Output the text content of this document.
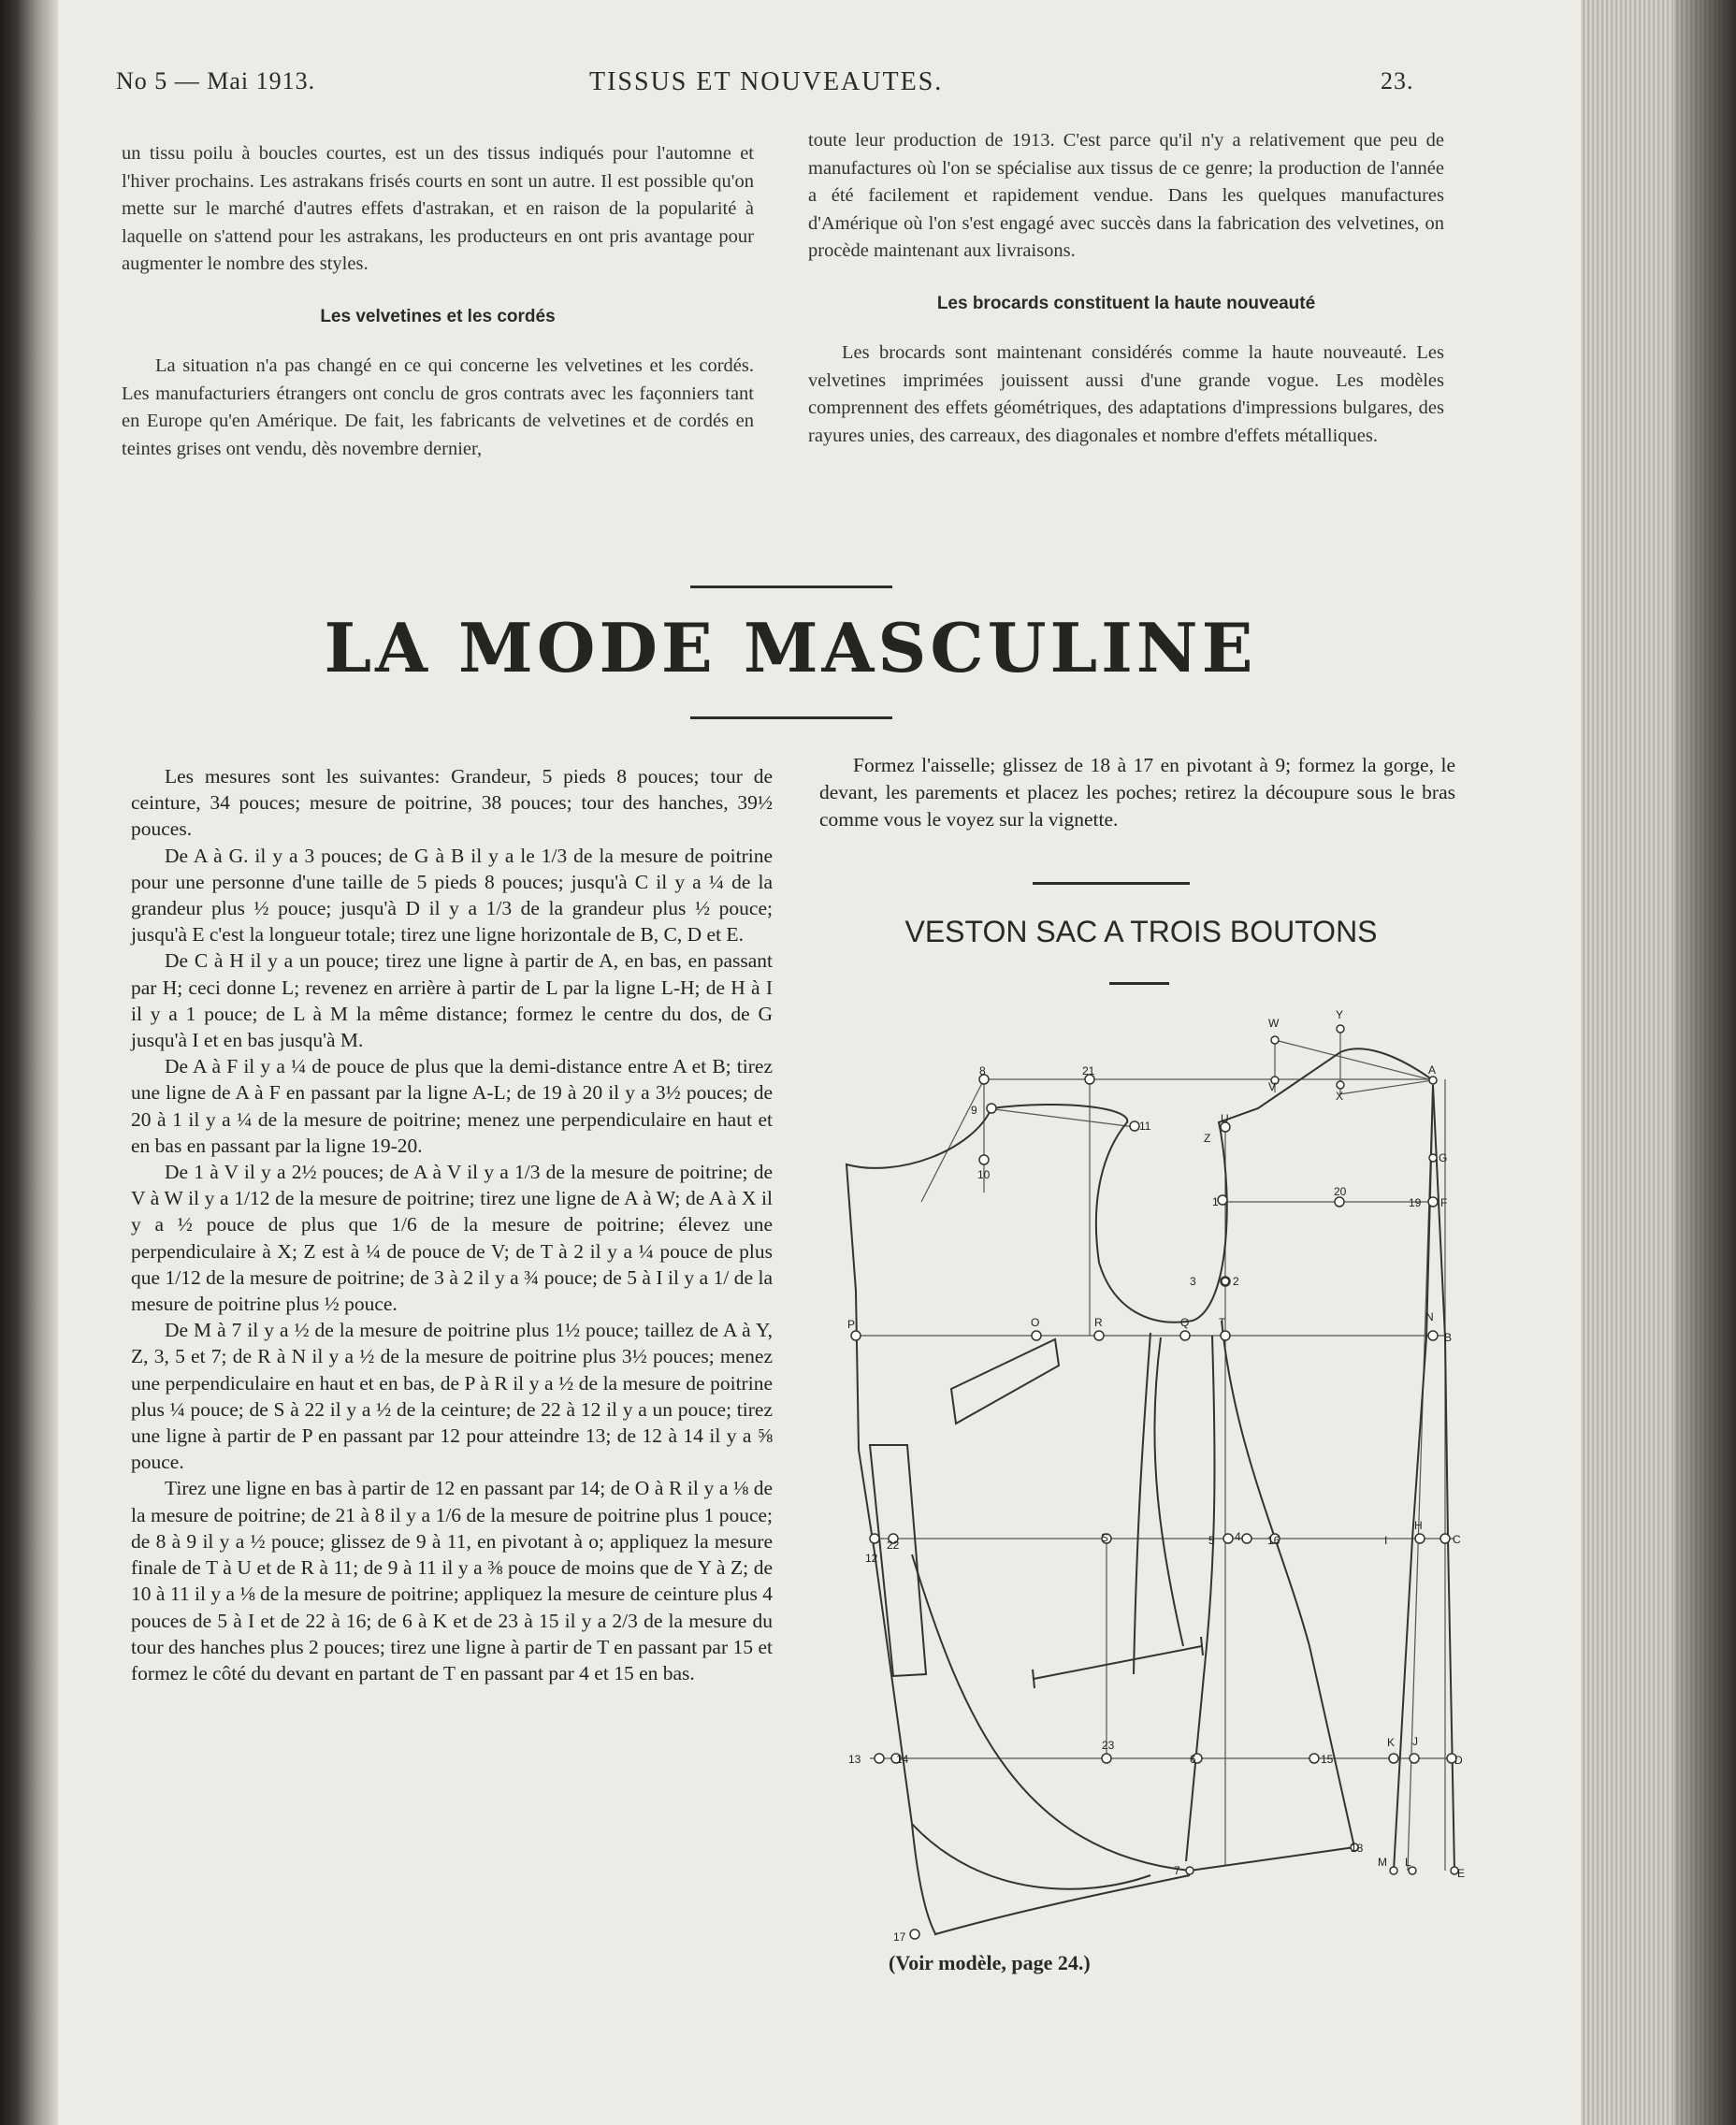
No 5 — Mai 1913.	TISSUS ET NOUVEAUTES.	23.

un tissu poilu à boucles courtes, est un des tissus indiqués pour l'automne et l'hiver prochains. Les astrakans frisés courts en sont un autre. Il est possible qu'on mette sur le marché d'autres effets d'astrakan, et en raison de la popularité à laquelle on s'attend pour les astrakans, les producteurs en ont pris avantage pour augmenter le nombre des styles.

Les velvetines et les cordés

La situation n'a pas changé en ce qui concerne les velvetines et les cordés. Les manufacturiers étrangers ont conclu de gros contrats avec les façonniers tant en Europe qu'en Amérique. De fait, les fabricants de velvetines et de cordés en teintes grises ont vendu, dès novembre dernier,

toute leur production de 1913. C'est parce qu'il n'y a relativement que peu de manufactures où l'on se spécialise aux tissus de ce genre; la production de l'année a été facilement et rapidement vendue. Dans les quelques manufactures d'Amérique où l'on s'est engagé avec succès dans la fabrication des velvetines, on procède maintenant aux livraisons.

Les brocards constituent la haute nouveauté

Les brocards sont maintenant considérés comme la haute nouveauté. Les velvetines imprimées jouissent aussi d'une grande vogue. Les modèles comprennent des effets géométriques, des adaptations d'impressions bulgares, des rayures unies, des carreaux, des diagonales et nombre d'effets métalliques.

LA MODE MASCULINE

Les mesures sont les suivantes: Grandeur, 5 pieds 8 pouces; tour de ceinture, 34 pouces; mesure de poitrine, 38 pouces; tour des hanches, 39½ pouces.

De A à G. il y a 3 pouces; de G à B il y a le 1/3 de la mesure de poitrine pour une personne d'une taille de 5 pieds 8 pouces; jusqu'à C il y a ¼ de la grandeur plus ½ pouce; jusqu'à D il y a 1/3 de la grandeur plus ½ pouce; jusqu'à E c'est la longueur totale; tirez une ligne horizontale de B, C, D et E.

De C à H il y a un pouce; tirez une ligne à partir de A, en bas, en passant par H; ceci donne L; revenez en arrière à partir de L par la ligne L-H; de H à I il y a 1 pouce; de L à M la même distance; formez le centre du dos, de G jusqu'à I et en bas jusqu'à M.

De A à F il y a ¼ de pouce de plus que la demi-distance entre A et B; tirez une ligne de A à F en passant par la ligne A-L; de 19 à 20 il y a 3½ pouces; de 20 à 1 il y a ¼ de la mesure de poitrine; menez une perpendiculaire en haut et en bas en passant par la ligne 19-20.

De 1 à V il y a 2½ pouces; de A à V il y a 1/3 de la mesure de poitrine; de V à W il y a 1/12 de la mesure de poitrine; tirez une ligne de A à W; de A à X il y a ½ pouce de plus que 1/6 de la mesure de poitrine; élevez une perpendiculaire à X; Z est à ¼ de pouce de V; de T à 2 il y a ¼ pouce de plus que 1/12 de la mesure de poitrine; de 3 à 2 il y a ¾ pouce; de 5 à I il y a 1/ de la mesure de poitrine plus ½ pouce.

De M à 7 il y a ½ de la mesure de poitrine plus 1½ pouce; taillez de A à Y, Z, 3, 5 et 7; de R à N il y a ½ de la mesure de poitrine plus 3½ pouces; menez une perpendiculaire en haut et en bas, de P à R il y a ½ de la mesure de poitrine plus ¼ pouce; de S à 22 il y a ½ de la ceinture; de 22 à 12 il y a un pouce; tirez une ligne à partir de P en passant par 12 pour atteindre 13; de 12 à 14 il y a ⅝ pouce.

Tirez une ligne en bas à partir de 12 en passant par 14; de O à R il y a ⅛ de la mesure de poitrine; de 21 à 8 il y a 1/6 de la mesure de poitrine plus 1 pouce; de 8 à 9 il y a ½ pouce; glissez de 9 à 11, en pivotant à o; appliquez la mesure finale de T à U et de R à 11; de 9 à 11 il y a ⅜ pouce de moins que de Y à Z; de 10 à 11 il y a ⅛ de la mesure de poitrine; appliquez la mesure de ceinture plus 4 pouces de 5 à I et de 22 à 16; de 6 à K et de 23 à 15 il y a 2/3 de la mesure du tour des hanches plus 2 pouces; tirez une ligne à partir de T en passant par 15 et formez le côté du devant en partant de T en passant par 4 et 15 en bas.

Formez l'aisselle; glissez de 18 à 17 en pivotant à 9; formez la gorge, le devant, les parements et placez les poches; retirez la découpure sous le bras comme vous le voyez sur la vignette.

VESTON SAC A TROIS BOUTONS
W
Y
A
V
X
8	21
9
11
U
Z
G
10
1
20
19 F
3	2
P	O	R	Q	T	N
B
12
22
S	5 4 16	I
H
C
13	14
23
6	15
K J
D
18
7
M L
E
17
(Voir modèle, page 24.)
